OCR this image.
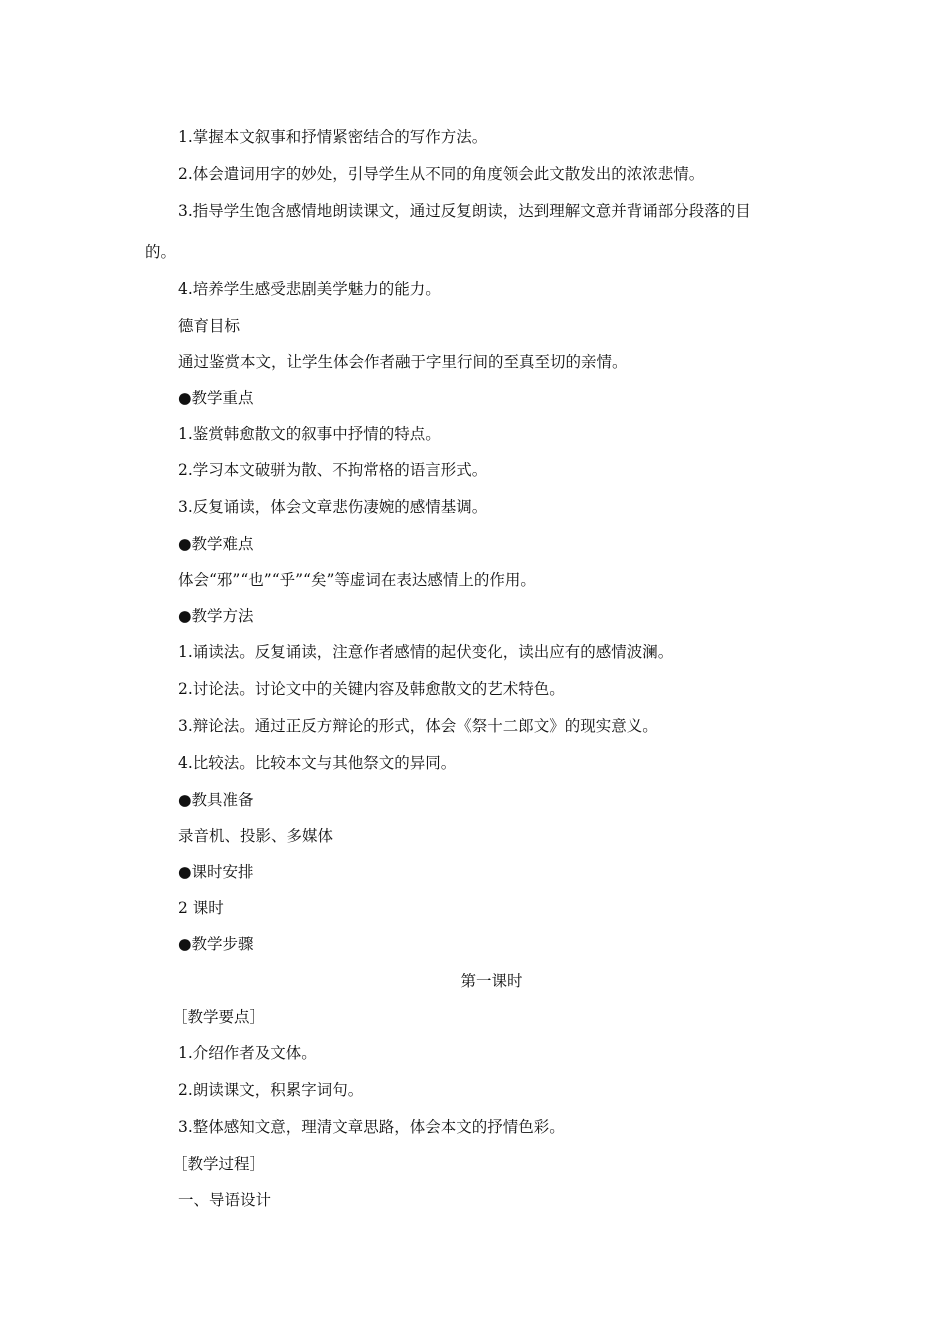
1.掌握本文叙事和抒情紧密结合的写作方法。
2.体会遣词用字的妙处，引导学生从不同的角度领会此文散发出的浓浓悲情。
3.指导学生饱含感情地朗读课文，通过反复朗读，达到理解文意并背诵部分段落的目
的。
4.培养学生感受悲剧美学魅力的能力。
德育目标
通过鉴赏本文，让学生体会作者融于字里行间的至真至切的亲情。
●教学重点
1.鉴赏韩愈散文的叙事中抒情的特点。
2.学习本文破骈为散、不拘常格的语言形式。
3.反复诵读，体会文章悲伤凄婉的感情基调。
●教学难点
体会“邪”“也”“乎”“矣”等虚词在表达感情上的作用。
●教学方法
1.诵读法。反复诵读，注意作者感情的起伏变化，读出应有的感情波澜。
2.讨论法。讨论文中的关键内容及韩愈散文的艺术特色。
3.辩论法。通过正反方辩论的形式，体会《祭十二郎文》的现实意义。
4.比较法。比较本文与其他祭文的异同。
●教具准备
录音机、投影、多媒体
●课时安排
2 课时
●教学步骤
第一课时
［教学要点］
1.介绍作者及文体。
2.朗读课文，积累字词句。
3.整体感知文意，理清文章思路，体会本文的抒情色彩。
［教学过程］
一、导语设计
